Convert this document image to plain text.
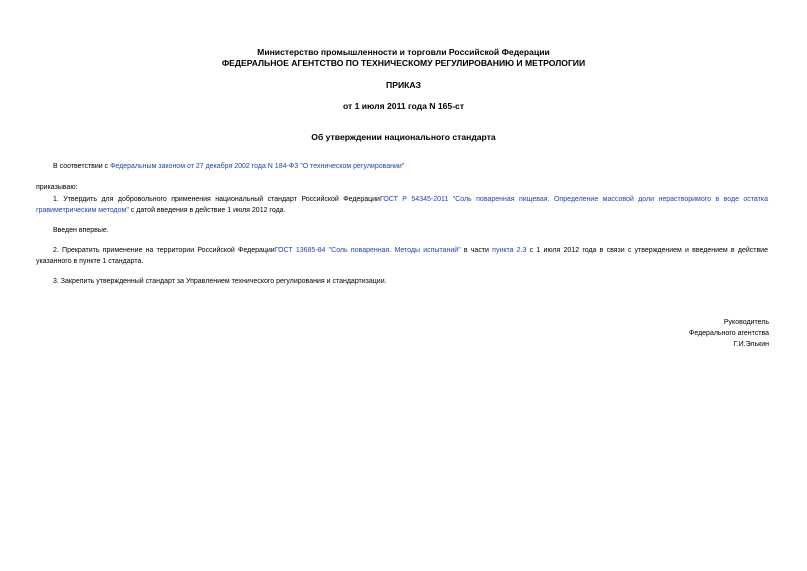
Министерство промышленности и торговли Российской Федерации
ФЕДЕРАЛЬНОЕ АГЕНТСТВО ПО ТЕХНИЧЕСКОМУ РЕГУЛИРОВАНИЮ И МЕТРОЛОГИИ
ПРИКАЗ
от 1 июля 2011 года N 165-ст
Об утверждении национального стандарта
В соответствии с Федеральным законом от 27 декабря 2002 года N 184-ФЗ "О техническом регулировании"
приказываю:
1. Утвердить для добровольного применения национальный стандарт Российской ФедерацииГОСТ Р 54345-2011 "Соль поваренная пищевая. Определение массовой доли нерастворимого в воде остатка гравиметрическим методом" с датой введения в действие 1 июля 2012 года.
Введен впервые.
2. Прекратить применение на территории Российской ФедерацииГОСТ 13685-84 "Соль поваренная. Методы испытаний" в части пункта 2.3 с 1 июля 2012 года в связи с утверждением и введением в действие указанного в пункте 1 стандарта.
3. Закрепить утвержденный стандарт за Управлением технического регулирования и стандартизации.
Руководитель
Федерального агентства
Г.И.Элькин
